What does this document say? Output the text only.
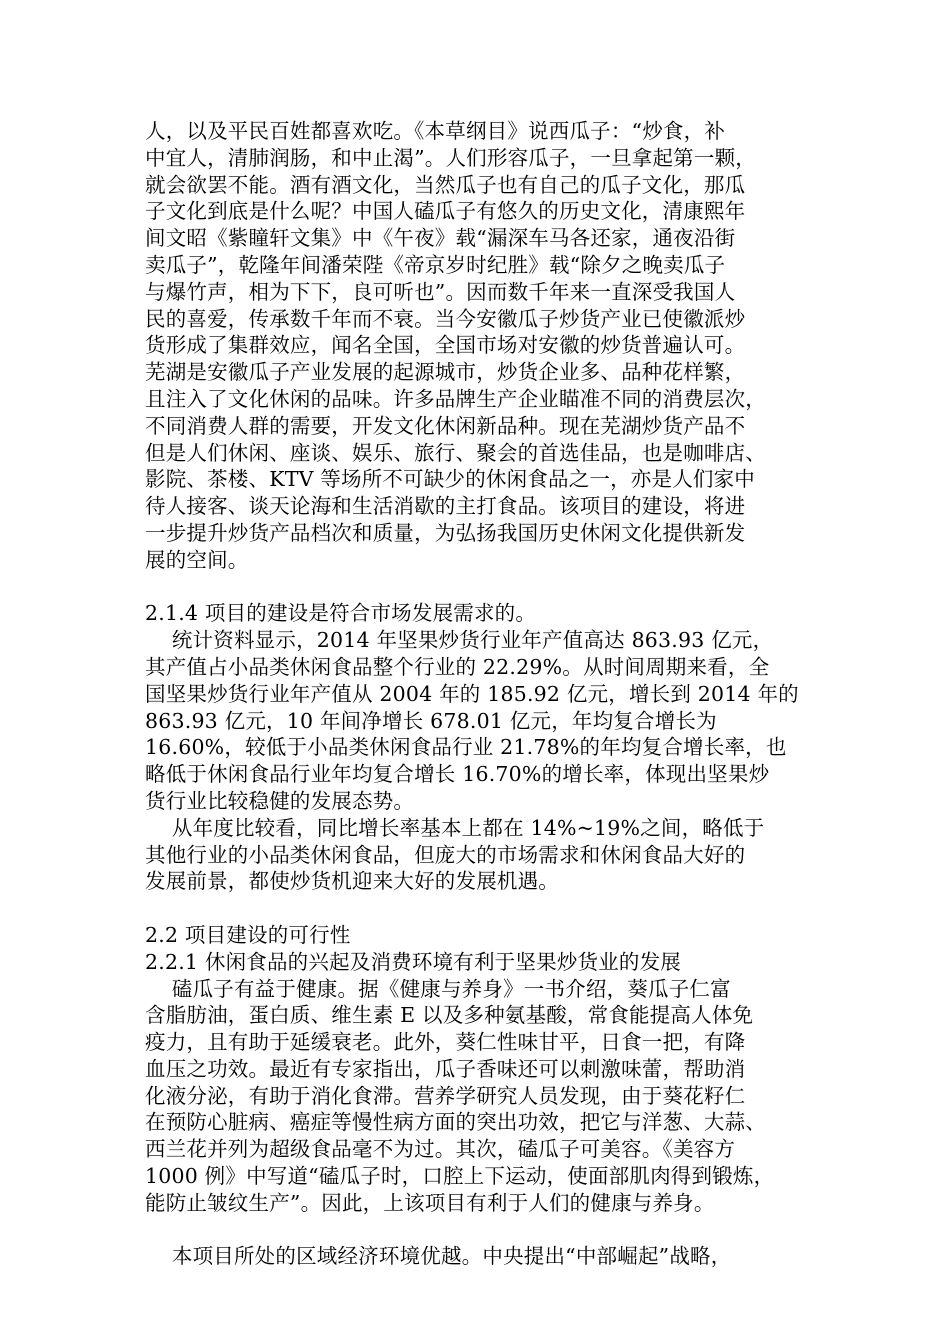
人，以及平民百姓都喜欢吃。《本草纲目》说西瓜子：“炒食，补
中宜人，清肺润肠，和中止渴”。人们形容瓜子，一旦拿起第一颗，
就会欲罢不能。酒有酒文化，当然瓜子也有自己的瓜子文化，那瓜
子文化到底是什么呢？中国人磕瓜子有悠久的历史文化，清康熙年
间文昭《紫瞳轩文集》中《午夜》载“漏深车马各还家，通夜沿街
卖瓜子”，乾隆年间潘荣陛《帝京岁时纪胜》载“除夕之晚卖瓜子
与爆竹声，相为下下，良可听也”。因而数千年来一直深受我国人
民的喜爱，传承数千年而不衰。当今安徽瓜子炒货产业已使徽派炒
货形成了集群效应，闻名全国，全国市场对安徽的炒货普遍认可。
芜湖是安徽瓜子产业发展的起源城市，炒货企业多、品种花样繁，
且注入了文化休闲的品味。许多品牌生产企业瞄准不同的消费层次，
不同消费人群的需要，开发文化休闲新品种。现在芜湖炒货产品不
但是人们休闲、座谈、娱乐、旅行、聚会的首选佳品，也是咖啡店、
影院、茶楼、KTV 等场所不可缺少的休闲食品之一，亦是人们家中
待人接客、谈天论海和生活消歇的主打食品。该项目的建设，将进
一步提升炒货产品档次和质量，为弘扬我国历史休闲文化提供新发
展的空间。
2.1.4 项目的建设是符合市场发展需求的。
统计资料显示，2014 年坚果炒货行业年产值高达 863.93 亿元，
其产值占小品类休闲食品整个行业的 22.29%。从时间周期来看，全
国坚果炒货行业年产值从 2004 年的 185.92 亿元，增长到 2014 年的
863.93 亿元，10 年间净增长 678.01 亿元，年均复合增长为
16.60%，较低于小品类休闲食品行业 21.78%的年均复合增长率，也
略低于休闲食品行业年均复合增长 16.70%的增长率，体现出坚果炒
货行业比较稳健的发展态势。
从年度比较看，同比增长率基本上都在 14%~19%之间，略低于
其他行业的小品类休闲食品，但庞大的市场需求和休闲食品大好的
发展前景，都使炒货机迎来大好的发展机遇。
2.2 项目建设的可行性
2.2.1 休闲食品的兴起及消费环境有利于坚果炒货业的发展
磕瓜子有益于健康。据《健康与养身》一书介绍，葵瓜子仁富
含脂肪油，蛋白质、维生素 E 以及多种氨基酸，常食能提高人体免
疫力，且有助于延缓衰老。此外，葵仁性味甘平，日食一把，有降
血压之功效。最近有专家指出，瓜子香味还可以刺激味蕾，帮助消
化液分泌，有助于消化食滞。营养学研究人员发现，由于葵花籽仁
在预防心脏病、癌症等慢性病方面的突出功效，把它与洋葱、大蒜、
西兰花并列为超级食品毫不为过。其次，磕瓜子可美容。《美容方
1000 例》中写道“磕瓜子时，口腔上下运动，使面部肌肉得到锻炼，
能防止皱纹生产”。因此，上该项目有利于人们的健康与养身。
本项目所处的区域经济环境优越。中央提出“中部崛起”战略，
